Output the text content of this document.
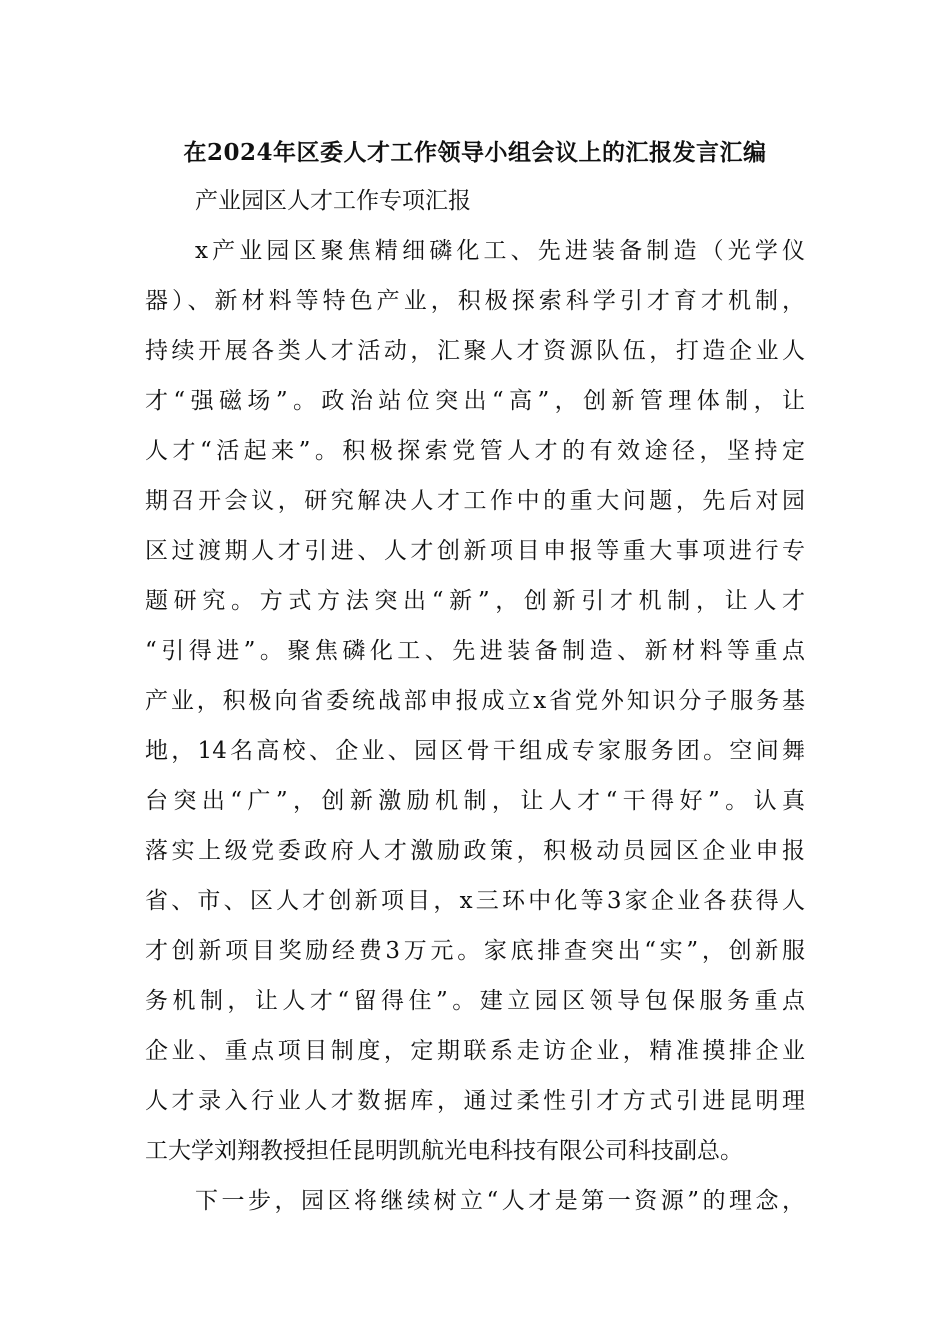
在2024年区委人才工作领导小组会议上的汇报发言汇编
产业园区人才工作专项汇报
x产业园区聚焦精细磷化工、先进装备制造（光学仪
器）、新材料等特色产业，积极探索科学引才育才机制，
持续开展各类人才活动，汇聚人才资源队伍，打造企业人
才“强磁场”。政治站位突出“高”，创新管理体制，让
人才“活起来”。积极探索党管人才的有效途径，坚持定
期召开会议，研究解决人才工作中的重大问题，先后对园
区过渡期人才引进、人才创新项目申报等重大事项进行专
题研究。方式方法突出“新”，创新引才机制，让人才
“引得进”。聚焦磷化工、先进装备制造、新材料等重点
产业，积极向省委统战部申报成立x省党外知识分子服务基
地，14名高校、企业、园区骨干组成专家服务团。空间舞
台突出“广”，创新激励机制，让人才“干得好”。认真
落实上级党委政府人才激励政策，积极动员园区企业申报
省、市、区人才创新项目，x三环中化等3家企业各获得人
才创新项目奖励经费3万元。家底排查突出“实”，创新服
务机制，让人才“留得住”。建立园区领导包保服务重点
企业、重点项目制度，定期联系走访企业，精准摸排企业
人才录入行业人才数据库，通过柔性引才方式引进昆明理
工大学刘翔教授担任昆明凯航光电科技有限公司科技副总。
下一步，园区将继续树立“人才是第一资源”的理念，
